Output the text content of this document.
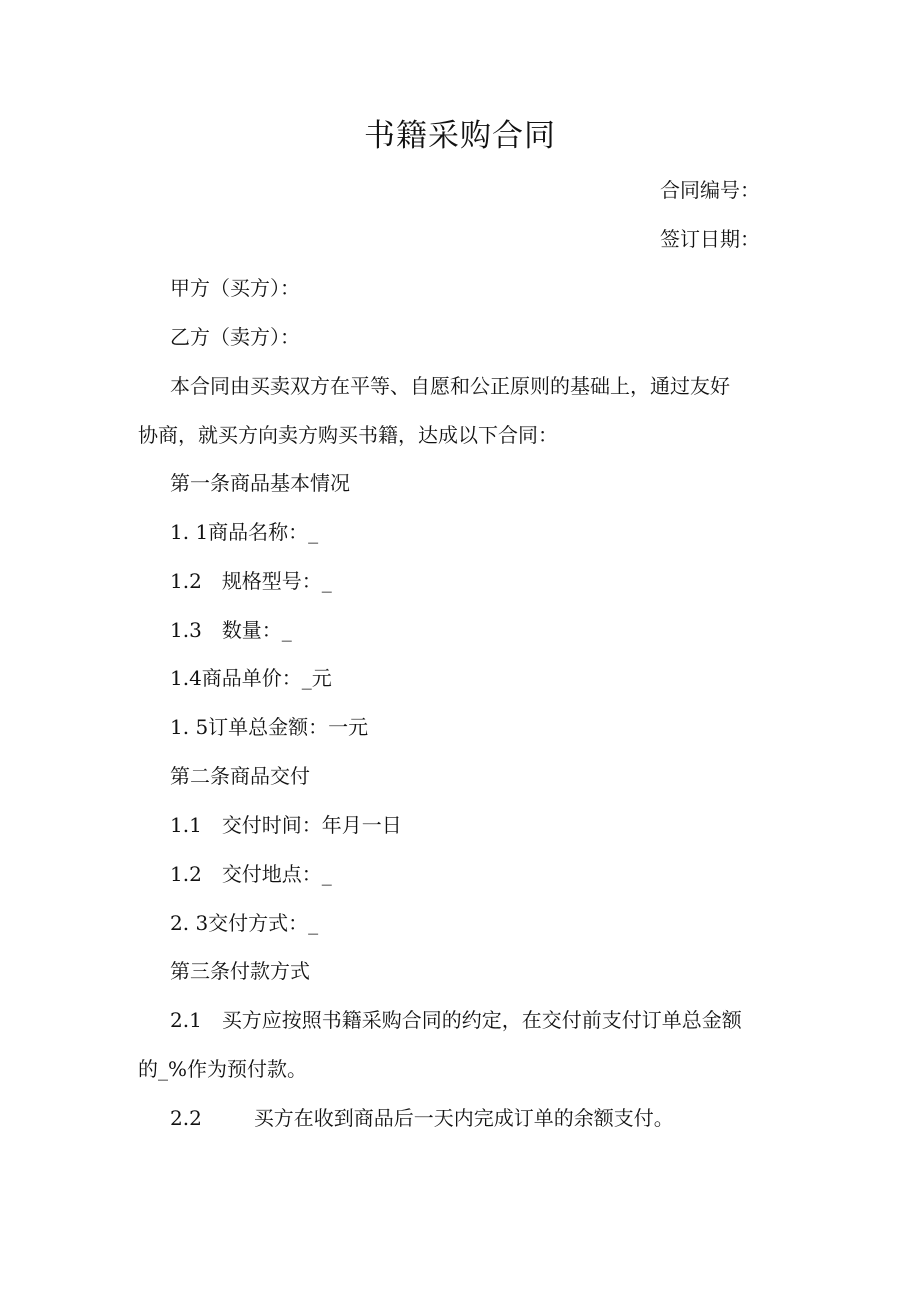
书籍采购合同
合同编号：
签订日期：
甲方（买方）：
乙方（卖方）：
本合同由买卖双方在平等、自愿和公正原则的基础上，通过友好
协商，就买方向卖方购买书籍，达成以下合同：
第一条商品基本情况
1. 1商品名称：_
1.2 规格型号：_
1.3 数量：_
1.4商品单价：_元
1. 5订单总金额：一元
第二条商品交付
1.1 交付时间：年月一日
1.2 交付地点：_
2. 3交付方式：_
第三条付款方式
2.1 买方应按照书籍采购合同的约定，在交付前支付订单总金额
的_%作为预付款。
2.2	买方在收到商品后一天内完成订单的余额支付。
